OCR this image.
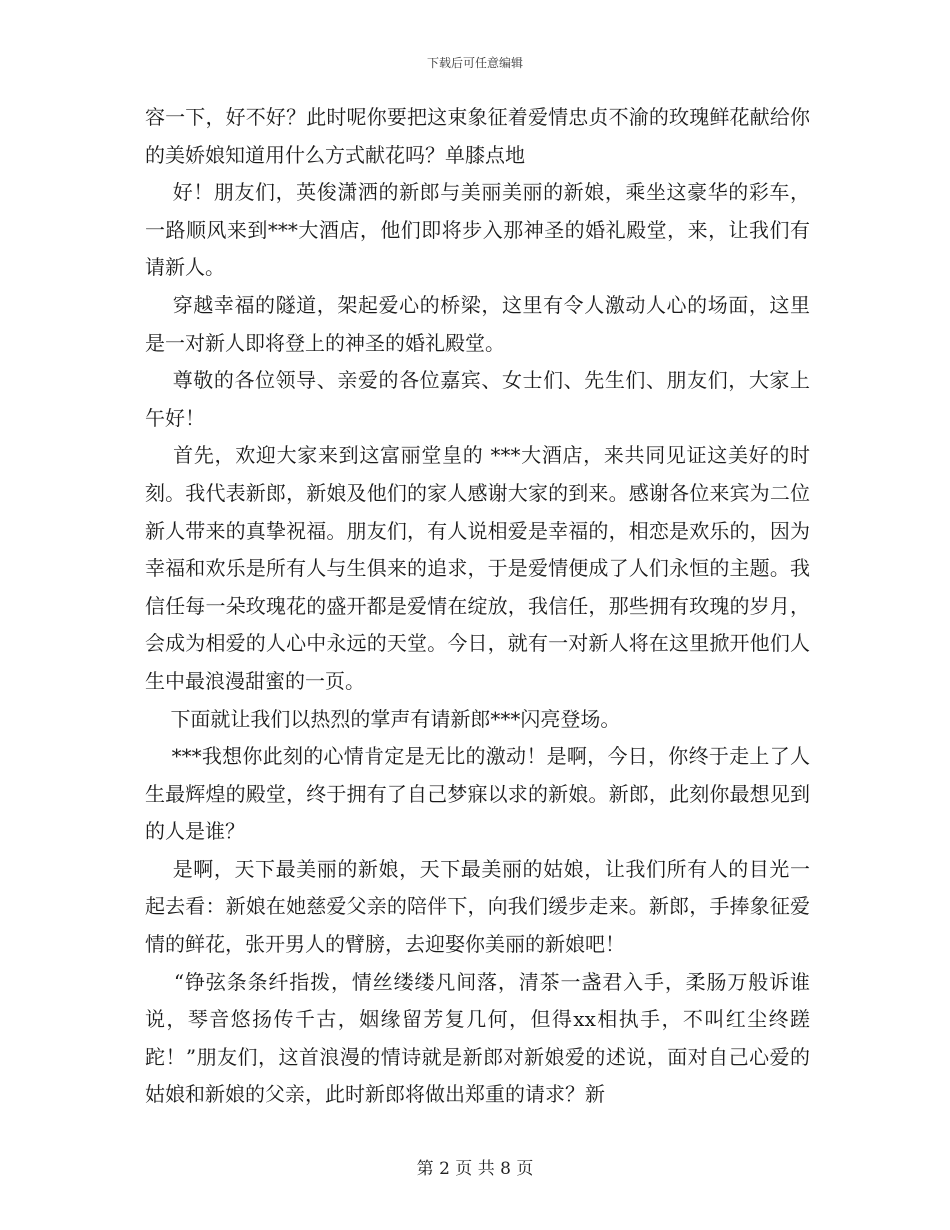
下载后可任意编辑

容一下，好不好？此时呢你要把这束象征着爱情忠贞不渝的玫瑰鲜花献给你的美娇娘知道用什么方式献花吗？单膝点地

好！朋友们，英俊潇洒的新郎与美丽美丽的新娘，乘坐这豪华的彩车，一路顺风来到***大酒店，他们即将步入那神圣的婚礼殿堂，来，让我们有请新人。

穿越幸福的隧道，架起爱心的桥梁，这里有令人激动人心的场面，这里是一对新人即将登上的神圣的婚礼殿堂。

尊敬的各位领导、亲爱的各位嘉宾、女士们、先生们、朋友们，大家上午好！

首先，欢迎大家来到这富丽堂皇的 ***大酒店，来共同见证这美好的时刻。我代表新郎，新娘及他们的家人感谢大家的到来。感谢各位来宾为二位新人带来的真挚祝福。朋友们，有人说相爱是幸福的，相恋是欢乐的，因为幸福和欢乐是所有人与生俱来的追求，于是爱情便成了人们永恒的主题。我信任每一朵玫瑰花的盛开都是爱情在绽放，我信任，那些拥有玫瑰的岁月，会成为相爱的人心中永远的天堂。今日，就有一对新人将在这里掀开他们人生中最浪漫甜蜜的一页。

下面就让我们以热烈的掌声有请新郎***闪亮登场。

***我想你此刻的心情肯定是无比的激动！是啊，今日，你终于走上了人生最辉煌的殿堂，终于拥有了自己梦寐以求的新娘。新郎，此刻你最想见到的人是谁？

是啊，天下最美丽的新娘，天下最美丽的姑娘，让我们所有人的目光一起去看：新娘在她慈爱父亲的陪伴下，向我们缓步走来。新郎，手捧象征爱情的鲜花，张开男人的臂膀，去迎娶你美丽的新娘吧！

“铮弦条条纤指拨，情丝缕缕凡间落，清茶一盏君入手，柔肠万般诉谁说，琴音悠扬传千古，姻缘留芳复几何，但得xx相执手，不叫红尘终蹉跎！”朋友们，这首浪漫的情诗就是新郎对新娘爱的述说，面对自己心爱的姑娘和新娘的父亲，此时新郎将做出郑重的请求？新

第 2 页 共 8 页
